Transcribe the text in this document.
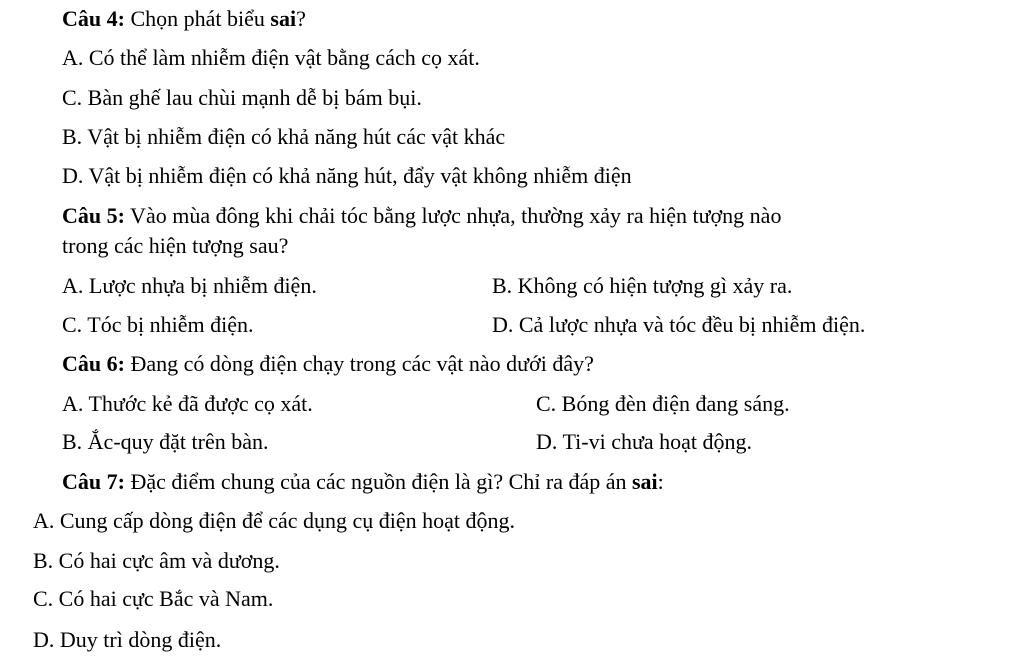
Câu 4: Chọn phát biểu sai?
A. Có thể làm nhiễm điện vật bằng cách cọ xát.
C. Bàn ghế lau chùi mạnh dễ bị bám bụi.
B. Vật bị nhiễm điện có khả năng hút các vật khác
D. Vật bị nhiễm điện có khả năng hút, đẩy vật không nhiễm điện
Câu 5: Vào mùa đông khi chải tóc bằng lược nhựa, thường xảy ra hiện tượng nào
trong các hiện tượng sau?
A. Lược nhựa bị nhiễm điện.	B. Không có hiện tượng gì xảy ra.
C. Tóc bị nhiễm điện.	D. Cả lược nhựa và tóc đều bị nhiễm điện.
Câu 6: Đang có dòng điện chạy trong các vật nào dưới đây?
A. Thước kẻ đã được cọ xát.	C. Bóng đèn điện đang sáng.
B. Ắc-quy đặt trên bàn.	D. Ti-vi chưa hoạt động.
Câu 7: Đặc điểm chung của các nguồn điện là gì? Chỉ ra đáp án sai:
A. Cung cấp dòng điện để các dụng cụ điện hoạt động.
B. Có hai cực âm và dương.
C. Có hai cực Bắc và Nam.
D. Duy trì dòng điện.
